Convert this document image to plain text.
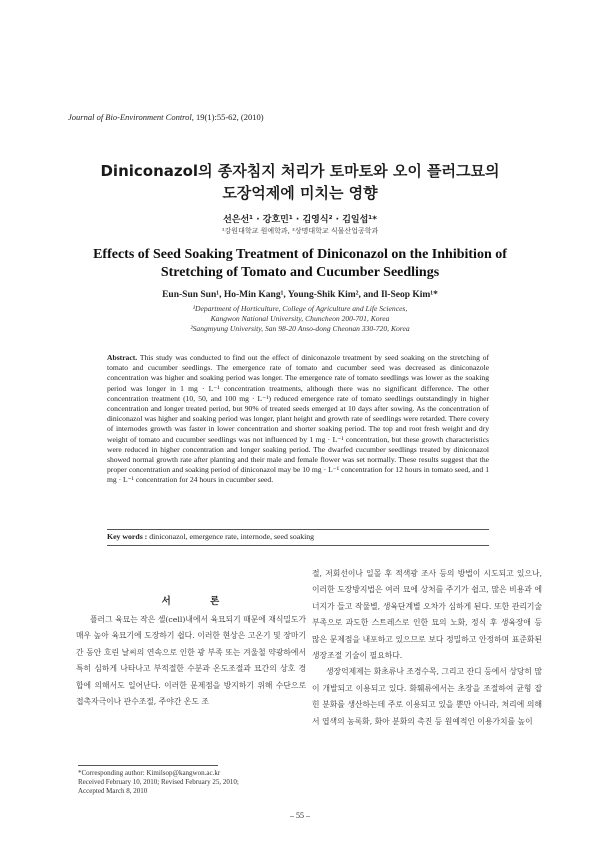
Journal of Bio-Environment Control, 19(1):55-62, (2010)
Diniconazol의 종자침지 처리가 토마토와 오이 플러그묘의
도장억제에 미치는 영향
선은선¹ · 강호민¹ · 김영식² · 김일섭¹*
¹강원대학교 원예학과, ²상명대학교 식물산업공학과
Effects of Seed Soaking Treatment of Diniconazol on the Inhibition of
Stretching of Tomato and Cucumber Seedlings
Eun-Sun Sun¹, Ho-Min Kang¹, Young-Shik Kim², and Il-Seop Kim¹*
¹Department of Horticulture, College of Agriculture and Life Sciences,
Kangwon National University, Chuncheon 200-701, Korea
²Sangmyung University, San 98-20 Anso-dong Cheonan 330-720, Korea
Abstract. This study was conducted to find out the effect of diniconazole treatment by seed soaking on the stretching of tomato and cucumber seedlings. The emergence rate of tomato and cucumber seed was decreased as diniconazole concentration was higher and soaking period was longer. The emergence rate of tomato seedlings was lower as the soaking period was longer in 1 mg · L⁻¹ concentration treatments, although there was no significant difference. The other concentration treatment (10, 50, and 100 mg · L⁻¹) reduced emergence rate of tomato seedlings outstandingly in higher concentration and longer treated period, but 90% of treated seeds emerged at 10 days after sowing. As the concentration of diniconazol was higher and soaking period was longer, plant height and growth rate of seedlings were retarded. There covery of internodes growth was faster in lower concentration and shorter soaking period. The top and root fresh weight and dry weight of tomato and cucumber seedlings was not influenced by 1 mg · L⁻¹ concentration, but these growth characteristics were reduced in higher concentration and longer soaking period. The dwarfed cucumber seedlings treated by diniconazol showed normal growth rate after planting and their male and female flower was set normally. These results suggest that the proper concentration and soaking period of diniconazol may be 10 mg · L⁻¹ concentration for 12 hours in tomato seed, and 1 mg · L⁻¹ concentration for 24 hours in cucumber seed.
Key words : diniconazol, emergence rate, internode, seed soaking
서 론

플러그 육묘는 작은 셀(cell)내에서 육묘되기 때문에 재식밀도가 매우 높아 육묘기에 도장하기 쉽다. 이러한 현상은 고온기 및 장마기간 동안 흐린 날씨의 연속으로 인한 광 부족 또는 겨울철 약광하에서 특히 심하게 나타나고 부적절한 수분과 온도조절과 묘간의 상호 경합에 의해서도 일어난다. 이러한 문제점을 방지하기 위해 수단으로 접촉자극이나 관수조절, 주야간 온도 조

절, 저회선이나 일몰 후 적색광 조사 등의 방법이 시도되고 있으나, 이러한 도장방지법은 여러 묘에 상처를 주기가 쉽고, 많은 비용과 에너지가 들고 작물별, 생육단계별 오차가 심하게 된다. 또한 관리기술 부족으로 과도한 스트레스로 인한 묘의 노화, 정식 후 생육장애 등 많은 문제점을 내포하고 있으므로 보다 정밀하고 안정하며 표준화된 생장조절 기술이 필요하다.

생장억제제는 화초류나 조경수목, 그리고 잔디 등에서 상당히 많이 개발되고 이용되고 있다. 화훼류에서는 초장을 조절하여 균형 잡힌 분화를 생산하는데 주로 이용되고 있을 뿐만 아니라, 처리에 의해서 엽색의 농록화, 화아 분화의 촉진 등 원예적인 이용가치를 높이

*Corresponding author: Kimilsop@kangwon.ac.kr
Received February 10, 2010; Revised February 25, 2010;
Accepted March 8, 2010
– 55 –
